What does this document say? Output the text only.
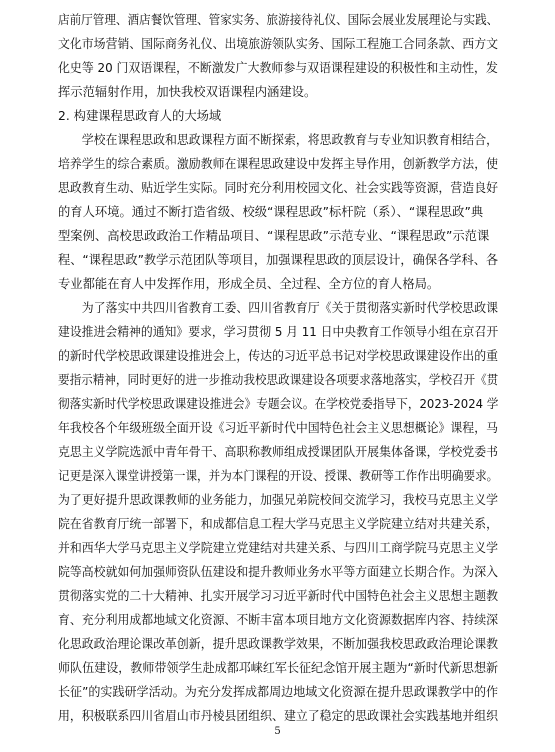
店前厅管理、酒店餐饮管理、管家实务、旅游接待礼仪、国际会展业发展理论与实践、
文化市场营销、国际商务礼仪、出境旅游领队实务、国际工程施工合同条款、西方文
化史等 20 门双语课程，不断激发广大教师参与双语课程建设的积极性和主动性，发
挥示范辐射作用，加快我校双语课程内涵建设。
2. 构建课程思政育人的大场域
　　学校在课程思政和思政课程方面不断探索，将思政教育与专业知识教育相结合，
培养学生的综合素质。激励教师在课程思政建设中发挥主导作用，创新教学方法，使
思政教育生动、贴近学生实际。同时充分利用校园文化、社会实践等资源，营造良好
的育人环境。通过不断打造省级、校级“课程思政”标杆院（系）、“课程思政”典
型案例、高校思政政治工作精品项目、“课程思政”示范专业、“课程思政”示范课
程、“课程思政”教学示范团队等项目，加强课程思政的顶层设计，确保各学科、各
专业都能在育人中发挥作用，形成全员、全过程、全方位的育人格局。
　　为了落实中共四川省教育工委、四川省教育厅《关于贯彻落实新时代学校思政课
建设推进会精神的通知》要求，学习贯彻 5 月 11 日中央教育工作领导小组在京召开
的新时代学校思政课建设推进会上，传达的习近平总书记对学校思政课建设作出的重
要指示精神，同时更好的进一步推动我校思政课建设各项要求落地落实，学校召开《贯
彻落实新时代学校思政课建设推进会》专题会议。在学校党委指导下，2023-2024 学
年我校各个年级班级全面开设《习近平新时代中国特色社会主义思想概论》课程，马
克思主义学院选派中青年骨干、高职称教师组成授课团队开展集体备课，学校党委书
记更是深入课堂讲授第一课，并为本门课程的开设、授课、教研等工作作出明确要求。
为了更好提升思政课教师的业务能力，加强兄弟院校间交流学习，我校马克思主义学
院在省教育厅统一部署下，和成都信息工程大学马克思主义学院建立结对共建关系，
并和西华大学马克思主义学院建立党建结对共建关系、与四川工商学院马克思主义学
院等高校就如何加强师资队伍建设和提升教师业务水平等方面建立长期合作。为深入
贯彻落实党的二十大精神、扎实开展学习习近平新时代中国特色社会主义思想主题教
育、充分利用成都地域文化资源、不断丰富本项目地方文化资源数据库内容、持续深
化思政政治理论课改革创新，提升思政课教学效果，不断加强我校思政政治理论课教
师队伍建设，教师带领学生赴成都邛崃红军长征纪念馆开展主题为“新时代新思想新
长征”的实践研学活动。为充分发挥成都周边地域文化资源在提升思政课教学中的作
用，积极联系四川省眉山市丹棱县团组织、建立了稳定的思政课社会实践基地并组织
5
